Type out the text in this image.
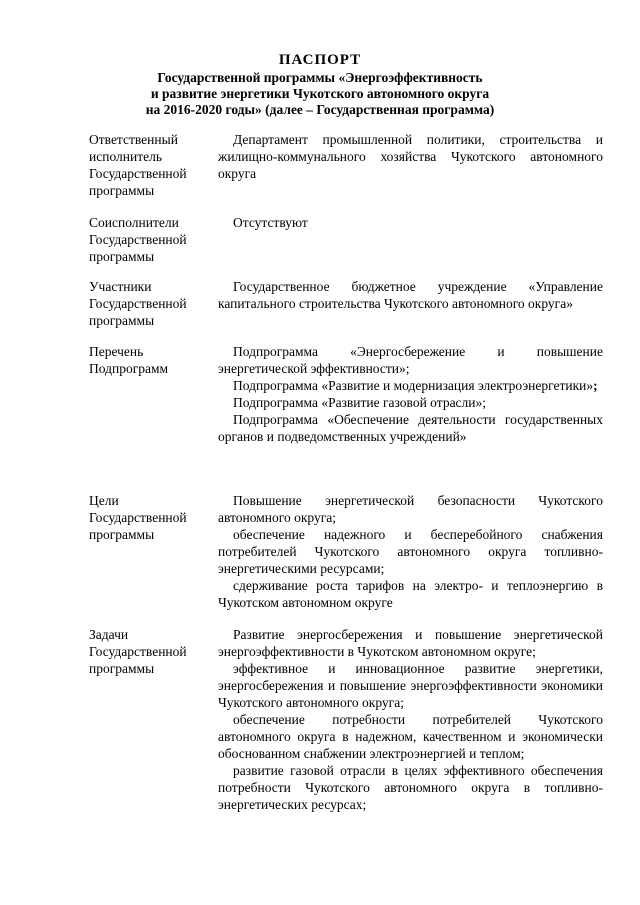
ПАСПОРТ

Государственной программы «Энергоэффективность

и развитие энергетики Чукотского автономного округа

на 2016-2020 годы» (далее – Государственная программа)

Ответственный
исполнитель
Государственной
программы

Департамент промышленной политики, строительства и жилищно-коммунального хозяйства Чукотского автономного округа

Соисполнители
Государственной
программы

Отсутствуют

Участники
Государственной
программы

Государственное бюджетное учреждение «Управление капитального строительства Чукотского автономного округа»

Перечень
Подпрограмм

Подпрограмма «Энергосбережение и повышение энергетической эффективности»;

Подпрограмма «Развитие и модернизация электроэнергетики»;

Подпрограмма «Развитие газовой отрасли»;

Подпрограмма «Обеспечение деятельности государственных органов и подведомственных учреждений»

Цели
Государственной
программы

Повышение энергетической безопасности Чукотского автономного округа;

обеспечение надежного и бесперебойного снабжения потребителей Чукотского автономного округа топливно-энергетическими ресурсами;

сдерживание роста тарифов на электро- и теплоэнергию в Чукотском автономном округе

Задачи
Государственной
программы

Развитие энергосбережения и повышение энергетической энергоэффективности в Чукотском автономном округе;

эффективное и инновационное развитие энергетики, энергосбережения и повышение энергоэффективности экономики Чукотского автономного округа;

обеспечение потребности потребителей Чукотского автономного округа в надежном, качественном и экономически обоснованном снабжении электроэнергией и теплом;

развитие газовой отрасли в целях эффективного обеспечения потребности Чукотского автономного округа в топливно-энергетических ресурсах;
